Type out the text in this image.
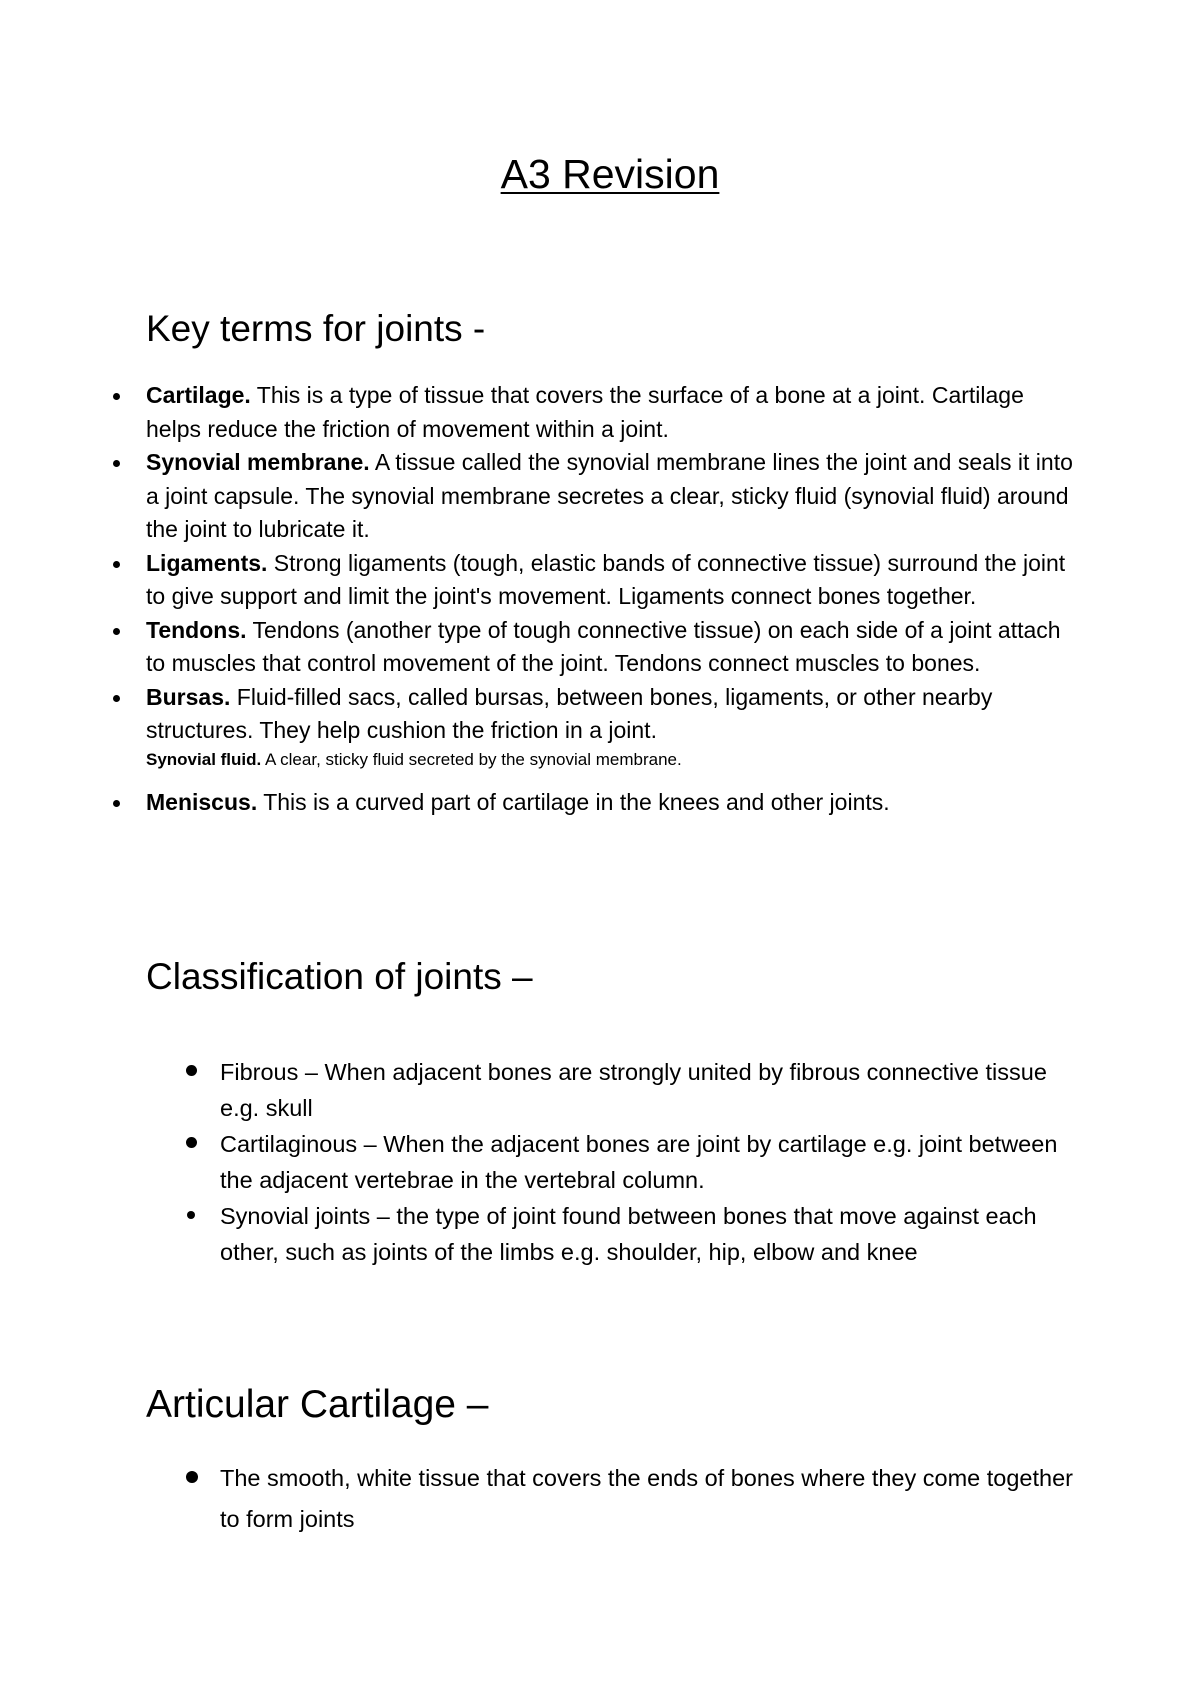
A3 Revision
Key terms for joints -
Cartilage. This is a type of tissue that covers the surface of a bone at a joint. Cartilage helps reduce the friction of movement within a joint.
Synovial membrane. A tissue called the synovial membrane lines the joint and seals it into a joint capsule. The synovial membrane secretes a clear, sticky fluid (synovial fluid) around the joint to lubricate it.
Ligaments. Strong ligaments (tough, elastic bands of connective tissue) surround the joint to give support and limit the joint's movement. Ligaments connect bones together.
Tendons. Tendons (another type of tough connective tissue) on each side of a joint attach to muscles that control movement of the joint. Tendons connect muscles to bones.
Bursas. Fluid-filled sacs, called bursas, between bones, ligaments, or other nearby structures. They help cushion the friction in a joint.
Synovial fluid. A clear, sticky fluid secreted by the synovial membrane.
Meniscus. This is a curved part of cartilage in the knees and other joints.
Classification of joints –
Fibrous – When adjacent bones are strongly united by fibrous connective tissue e.g. skull
Cartilaginous – When the adjacent bones are joint by cartilage e.g. joint between the adjacent vertebrae in the vertebral column.
Synovial joints – the type of joint found between bones that move against each other, such as joints of the limbs e.g. shoulder, hip, elbow and knee
Articular Cartilage –
The smooth, white tissue that covers the ends of bones where they come together to form joints
